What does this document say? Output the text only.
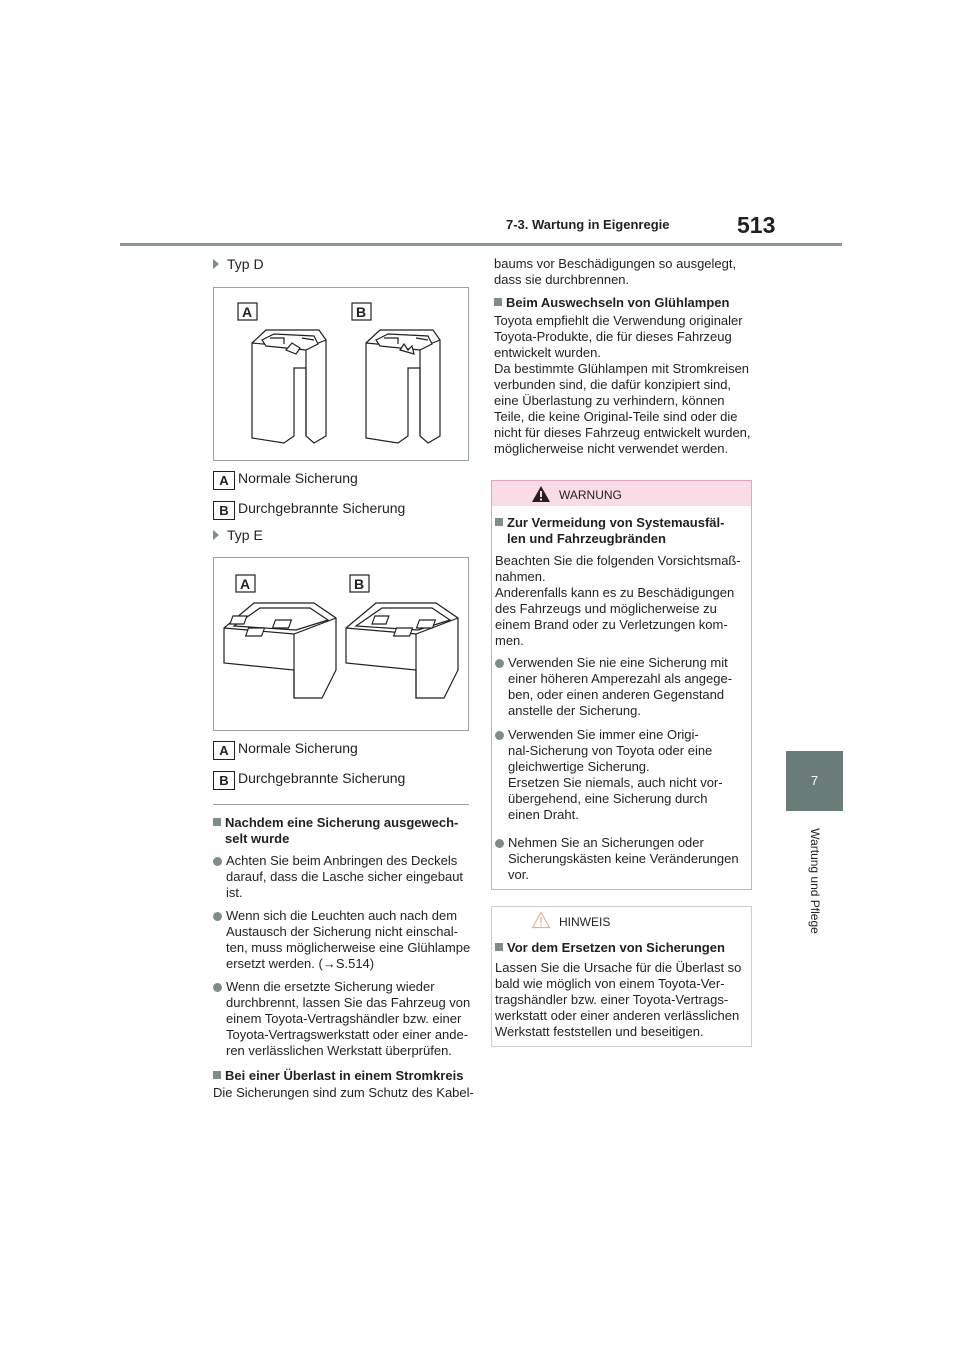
7-3. Wartung in Eigenregie	513
7
Wartung und Pflege
Typ D
A	B
A Normale Sicherung
B Durchgebrannte Sicherung
Typ E
A	B
A Normale Sicherung
B Durchgebrannte Sicherung
Nachdem eine Sicherung ausgewech-
selt wurde
Achten Sie beim Anbringen des Deckels
darauf, dass die Lasche sicher eingebaut
ist.
Wenn sich die Leuchten auch nach dem
Austausch der Sicherung nicht einschal-
ten, muss möglicherweise eine Glühlampe
ersetzt werden. (→S.514)
Wenn die ersetzte Sicherung wieder
durchbrennt, lassen Sie das Fahrzeug von
einem Toyota-Vertragshändler bzw. einer
Toyota-Vertragswerkstatt oder einer ande-
ren verlässlichen Werkstatt überprüfen.
Bei einer Überlast in einem Stromkreis
Die Sicherungen sind zum Schutz des Kabel-
baums vor Beschädigungen so ausgelegt,
dass sie durchbrennen.
Beim Auswechseln von Glühlampen
Toyota empfiehlt die Verwendung originaler
Toyota-Produkte, die für dieses Fahrzeug
entwickelt wurden.
Da bestimmte Glühlampen mit Stromkreisen
verbunden sind, die dafür konzipiert sind,
eine Überlastung zu verhindern, können
Teile, die keine Original-Teile sind oder die
nicht für dieses Fahrzeug entwickelt wurden,
möglicherweise nicht verwendet werden.
WARNUNG
Zur Vermeidung von Systemausfäl-
len und Fahrzeugbränden
Beachten Sie die folgenden Vorsichtsmaß-
nahmen.
Anderenfalls kann es zu Beschädigungen
des Fahrzeugs und möglicherweise zu
einem Brand oder zu Verletzungen kom-
men.
Verwenden Sie nie eine Sicherung mit
einer höheren Amperezahl als angege-
ben, oder einen anderen Gegenstand
anstelle der Sicherung.
Verwenden Sie immer eine Origi-
nal-Sicherung von Toyota oder eine
gleichwertige Sicherung.
Ersetzen Sie niemals, auch nicht vor-
übergehend, eine Sicherung durch
einen Draht.
Nehmen Sie an Sicherungen oder
Sicherungskästen keine Veränderungen
vor.
HINWEIS
Vor dem Ersetzen von Sicherungen
Lassen Sie die Ursache für die Überlast so
bald wie möglich von einem Toyota-Ver-
tragshändler bzw. einer Toyota-Vertrags-
werkstatt oder einer anderen verlässlichen
Werkstatt feststellen und beseitigen.
